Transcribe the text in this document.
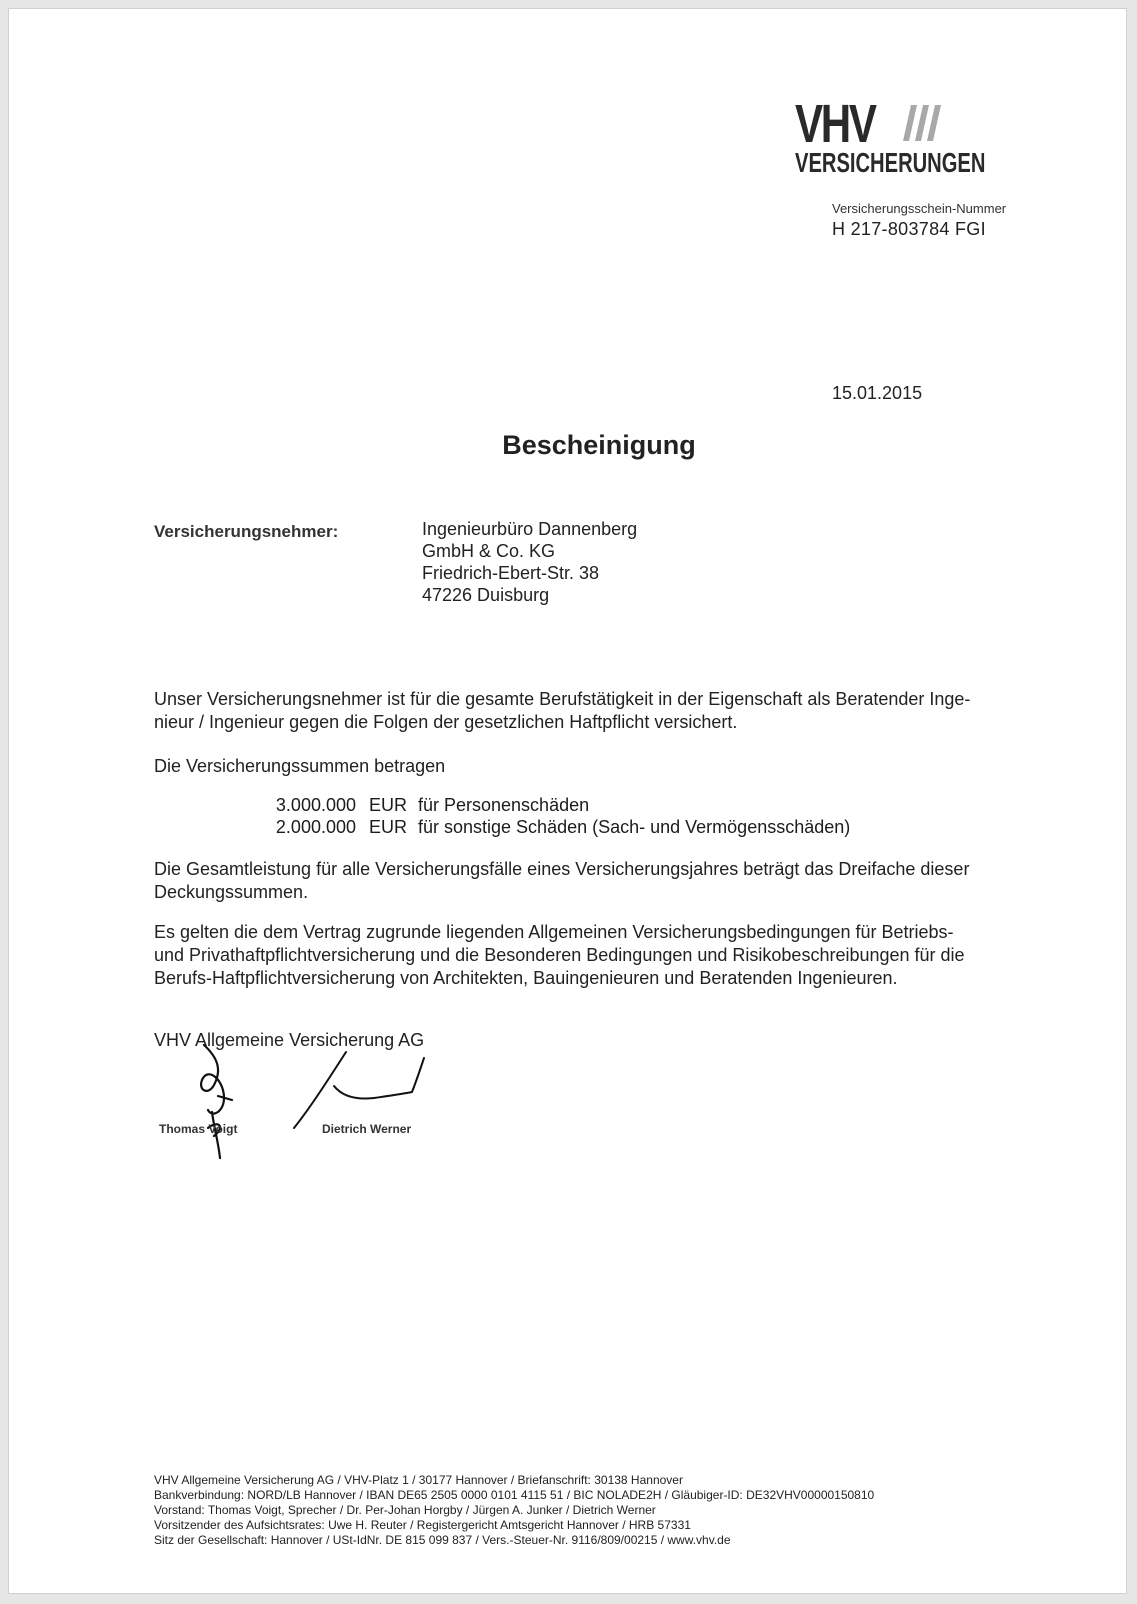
VHV
VERSICHERUNGEN
Versicherungsschein-Nummer
H 217-803784 FGI
15.01.2015
Bescheinigung
Versicherungsnehmer:	Ingenieurbüro Dannenberg
GmbH & Co. KG
Friedrich-Ebert-Str. 38
47226 Duisburg
Unser Versicherungsnehmer ist für die gesamte Berufstätigkeit in der Eigenschaft als Beratender Inge-
nieur / Ingenieur gegen die Folgen der gesetzlichen Haftpflicht versichert.
Die Versicherungssummen betragen
3.000.000 EUR für Personenschäden
2.000.000 EUR für sonstige Schäden (Sach- und Vermögensschäden)
Die Gesamtleistung für alle Versicherungsfälle eines Versicherungsjahres beträgt das Dreifache dieser
Deckungssummen.
Es gelten die dem Vertrag zugrunde liegenden Allgemeinen Versicherungsbedingungen für Betriebs-
und Privathaftpflichtversicherung und die Besonderen Bedingungen und Risikobeschreibungen für die
Berufs-Haftpflichtversicherung von Architekten, Bauingenieuren und Beratenden Ingenieuren.
VHV Allgemeine Versicherung AG
Thomas Voigt	Dietrich Werner
VHV Allgemeine Versicherung AG / VHV-Platz 1 / 30177 Hannover / Briefanschrift: 30138 Hannover
Bankverbindung: NORD/LB Hannover / IBAN DE65 2505 0000 0101 4115 51 / BIC NOLADE2H / Gläubiger-ID: DE32VHV00000150810
Vorstand: Thomas Voigt, Sprecher / Dr. Per-Johan Horgby / Jürgen A. Junker / Dietrich Werner
Vorsitzender des Aufsichtsrates: Uwe H. Reuter / Registergericht Amtsgericht Hannover / HRB 57331
Sitz der Gesellschaft: Hannover / USt-IdNr. DE 815 099 837 / Vers.-Steuer-Nr. 9116/809/00215 / www.vhv.de
